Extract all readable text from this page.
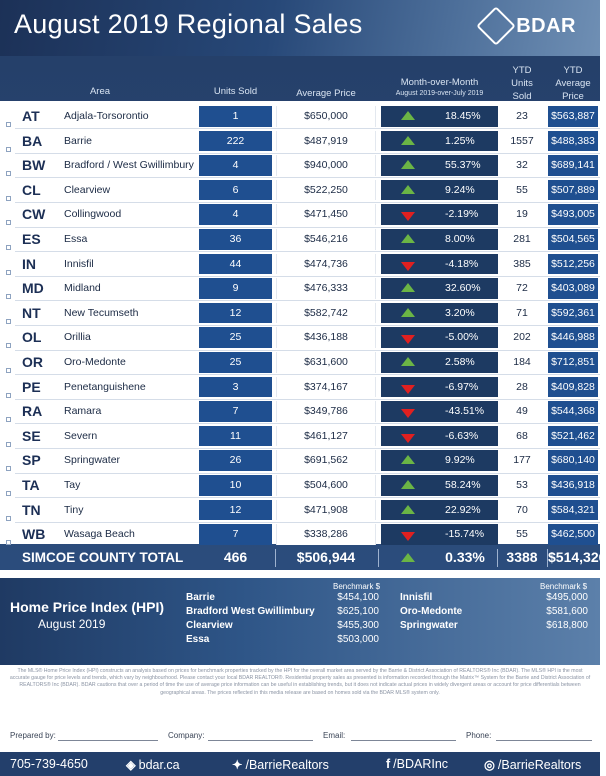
August 2019 Regional Sales	BDAR
Area	Units Sold	Average Price
Month-over-Month
August 2019-over-July 2019
YTD
Units
Sold
YTD
Average
Price
AT Adjala-Torsorontio	1	$650,000	18.45%	23	$563,887
BA Barrie	222	$487,919	1.25%	1557	$488,383
BW Bradford / West Gwillimbury	4	$940,000	55.37%	32	$689,141
CL Clearview	6	$522,250	9.24%	55	$507,889
CW Collingwood	4	$471,450	-2.19%	19	$493,005
ES Essa	36	$546,216	8.00%	281	$504,565
IN	Innisfil	44	$474,736	-4.18%	385	$512,256
MD Midland	9	$476,333	32.60%	72	$403,089
NT New Tecumseth	12	$582,742	3.20%	71	$592,361
OL Orillia	25	$436,188	-5.00%	202	$446,988
OR Oro-Medonte	25	$631,600	2.58%	184	$712,851
PE Penetanguishene	3	$374,167	-6.97%	28	$409,828
RA Ramara	7	$349,786	-43.51%	49	$544,368
SE Severn	11	$461,127	-6.63%	68	$521,462
SP Springwater	26	$691,562	9.92%	177	$680,140
TA Tay	10	$504,600	58.24%	53	$436,918
TN Tiny	12	$471,908	22.92%	70	$584,321
WB Wasaga Beach	7	$338,286	-15.74%	55	$462,500
SIMCOE COUNTY TOTAL	466	$506,944	0.33%	3388 $514,326
Home Price Index (HPI)
August 2019
Benchmark $	Benchmark $
Barrie	$454,100
Bradford West Gwillimbury $625,100
Clearview	$455,300
Essa	$503,000
Innisfil	$495,000
Oro-Medonte	$581,600
Springwater	$618,800
The MLS® Home Price Index (HPI) constructs an analysis based on prices for benchmark properties tracked by the HPI for the overall market area served by the Barrie & District Association of REALTORS® Inc (BDAR). The MLS® HPI is the most accurate gauge for price levels and trends, which vary by neighbourhood. Please contact your local BDAR REALTOR®. Residential property sales as presented is information recorded through the Matrix™ System for the Barrie and District Association of REALTORS® Inc (BDAR). BDAR cautions that over a period of time the use of average price information can be useful in establishing trends, but it does not indicate actual prices in widely divergent areas or account for price differentials between geographical areas. The prices reflected in this media release are based on homes sold via the BDAR MLS® system only.
Prepared by:	Company:	Email:	Phone:
705-739-4650	◈ bdar.ca	✦ /BarrieRealtors	f /BDARInc	◎ /BarrieRealtors
